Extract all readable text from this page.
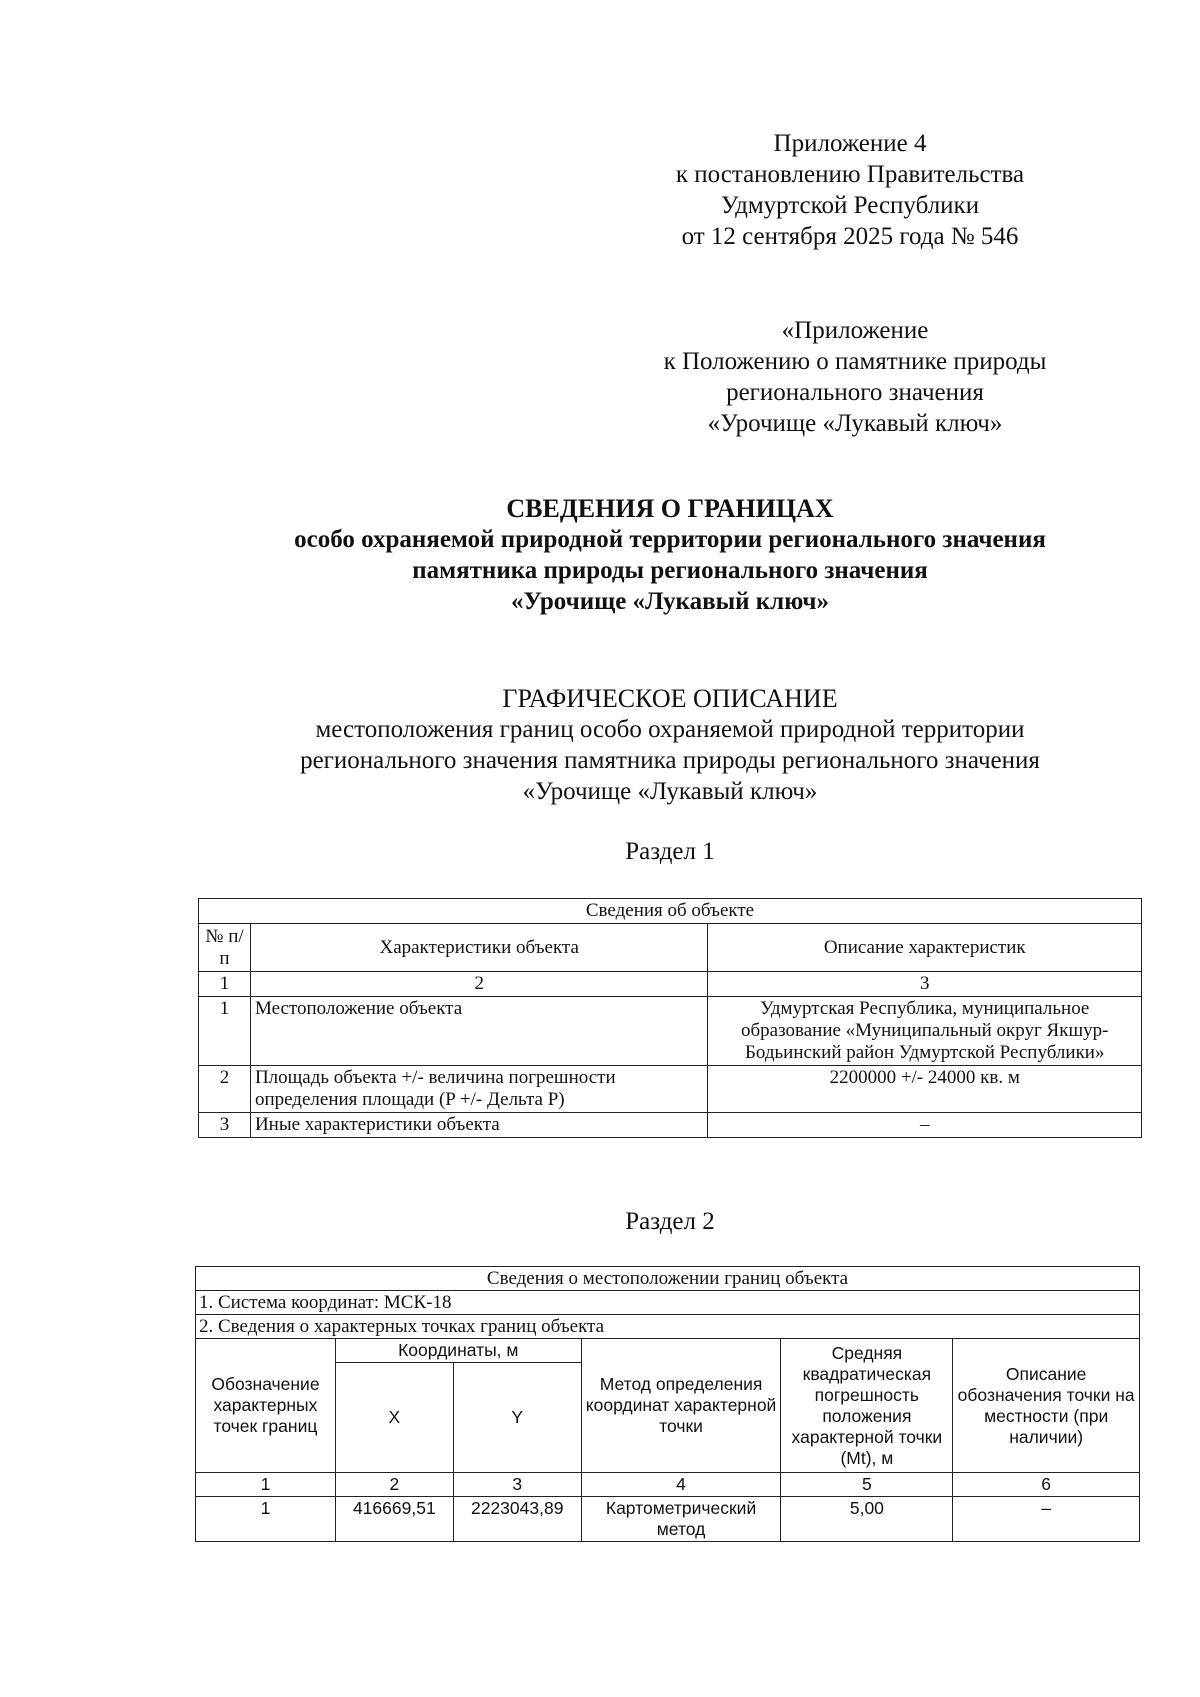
Приложение 4
к постановлению Правительства
Удмуртской Республики
от 12 сентября 2025 года № 546
«Приложение
к Положению о памятнике природы
регионального значения
«Урочище «Лукавый ключ»
СВЕДЕНИЯ О ГРАНИЦАХ
особо охраняемой природной территории регионального значения
памятника природы регионального значения
«Урочище «Лукавый ключ»
ГРАФИЧЕСКОЕ ОПИСАНИЕ
местоположения границ особо охраняемой природной территории
регионального значения памятника природы регионального значения
«Урочище «Лукавый ключ»
Раздел 1
Сведения об объекте		
№ п/п	Характеристики объекта	Описание характеристик
1	2	3
1	Местоположение объекта	Удмуртская Республика, муниципальное образование «Муниципальный округ Якшур-Бодьинский район Удмуртской Республики»
2	Площадь объекта +/- величина погрешности определения площади (P +/- Дельта P)	2200000 +/- 24000 кв. м
3	Иные характеристики объекта	–
Раздел 2
Сведения о местоположении границ объекта					
1. Система координат: МСК-18					
2. Сведения о характерных точках границ объекта					
Обозначение характерных точек границ	Координаты, м		Метод определения координат характерной точки	Средняя квадратическая погрешность положения характерной точки (Mt), м	Описание обозначения точки на местности (при наличии)
	X	Y			
1	2	3	4	5	6
1	416669,51	2223043,89	Картометрический метод	5,00	–
